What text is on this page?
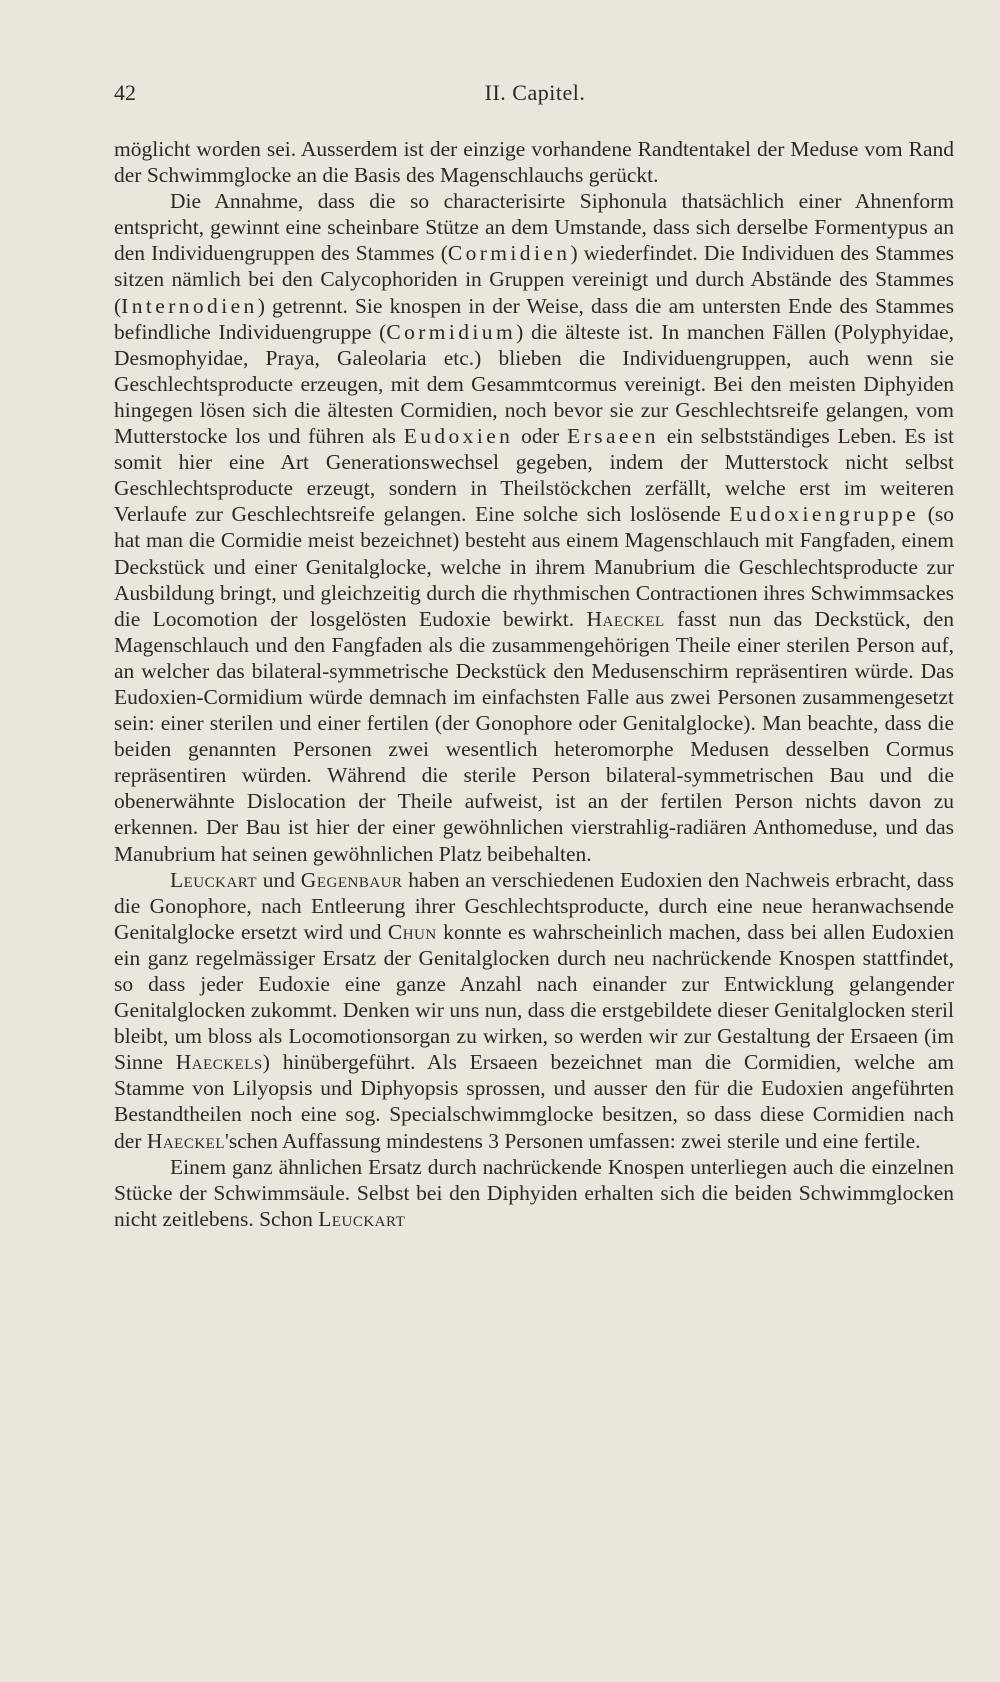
42	II. Capitel.

möglicht worden sei. Ausserdem ist der einzige vorhandene Randtentakel der Meduse vom Rand der Schwimmglocke an die Basis des Magenschlauchs gerückt.

Die Annahme, dass die so characterisirte Siphonula thatsächlich einer Ahnenform entspricht, gewinnt eine scheinbare Stütze an dem Umstande, dass sich derselbe Formentypus an den Individuengruppen des Stammes (Cormidien) wiederfindet. Die Individuen des Stammes sitzen nämlich bei den Calycophoriden in Gruppen vereinigt und durch Abstände des Stammes (Internodien) getrennt. Sie knospen in der Weise, dass die am untersten Ende des Stammes befindliche Individuengruppe (Cormidium) die älteste ist. In manchen Fällen (Polyphyidae, Desmophyidae, Praya, Galeolaria etc.) blieben die Individuengruppen, auch wenn sie Geschlechtsproducte erzeugen, mit dem Gesammtcormus vereinigt. Bei den meisten Diphyiden hingegen lösen sich die ältesten Cormidien, noch bevor sie zur Geschlechtsreife gelangen, vom Mutterstocke los und führen als Eudoxien oder Ersaeen ein selbstständiges Leben. Es ist somit hier eine Art Generationswechsel gegeben, indem der Mutterstock nicht selbst Geschlechtsproducte erzeugt, sondern in Theilstöckchen zerfällt, welche erst im weiteren Verlaufe zur Geschlechtsreife gelangen. Eine solche sich loslösende Eudoxiengruppe (so hat man die Cormidie meist bezeichnet) besteht aus einem Magenschlauch mit Fangfaden, einem Deckstück und einer Genitalglocke, welche in ihrem Manubrium die Geschlechtsproducte zur Ausbildung bringt, und gleichzeitig durch die rhythmischen Contractionen ihres Schwimmsackes die Locomotion der losgelösten Eudoxie bewirkt. Haeckel fasst nun das Deckstück, den Magenschlauch und den Fangfaden als die zusammengehörigen Theile einer sterilen Person auf, an welcher das bilateral-symmetrische Deckstück den Medusenschirm repräsentiren würde. Das Eudoxien-Cormidium würde demnach im einfachsten Falle aus zwei Personen zusammengesetzt sein: einer sterilen und einer fertilen (der Gonophore oder Genitalglocke). Man beachte, dass die beiden genannten Personen zwei wesentlich heteromorphe Medusen desselben Cormus repräsentiren würden. Während die sterile Person bilateral-symmetrischen Bau und die obenerwähnte Dislocation der Theile aufweist, ist an der fertilen Person nichts davon zu erkennen. Der Bau ist hier der einer gewöhnlichen vierstrahlig-radiären Anthomeduse, und das Manubrium hat seinen gewöhnlichen Platz beibehalten.

Leuckart und Gegenbaur haben an verschiedenen Eudoxien den Nachweis erbracht, dass die Gonophore, nach Entleerung ihrer Geschlechtsproducte, durch eine neue heranwachsende Genitalglocke ersetzt wird und Chun konnte es wahrscheinlich machen, dass bei allen Eudoxien ein ganz regelmässiger Ersatz der Genitalglocken durch neu nachrückende Knospen stattfindet, so dass jeder Eudoxie eine ganze Anzahl nach einander zur Entwicklung gelangender Genitalglocken zukommt. Denken wir uns nun, dass die erstgebildete dieser Genitalglocken steril bleibt, um bloss als Locomotionsorgan zu wirken, so werden wir zur Gestaltung der Ersaeen (im Sinne Haeckels) hinübergeführt. Als Ersaeen bezeichnet man die Cormidien, welche am Stamme von Lilyopsis und Diphyopsis sprossen, und ausser den für die Eudoxien angeführten Bestandtheilen noch eine sog. Specialschwimmglocke besitzen, so dass diese Cormidien nach der Haeckel'schen Auffassung mindestens 3 Personen umfassen: zwei sterile und eine fertile.

Einem ganz ähnlichen Ersatz durch nachrückende Knospen unterliegen auch die einzelnen Stücke der Schwimmsäule. Selbst bei den Diphyiden erhalten sich die beiden Schwimmglocken nicht zeitlebens. Schon Leuckart
